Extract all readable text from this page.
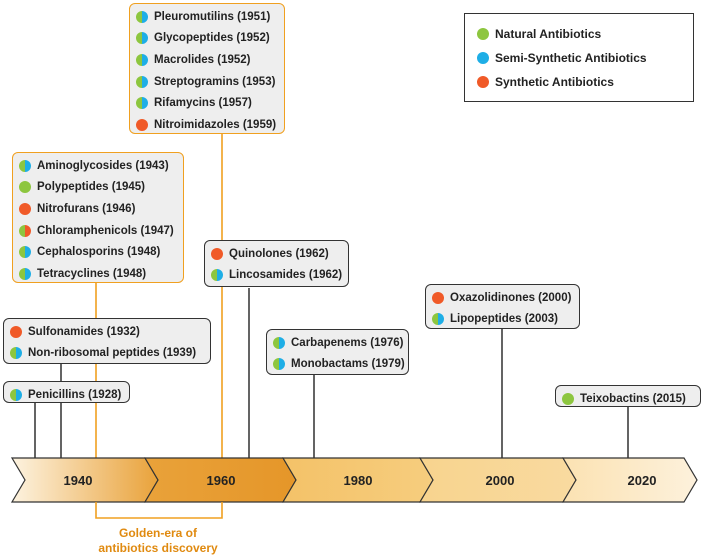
1940	1960	1980	2000	2020
Natural Antibiotics
Semi-Synthetic Antibiotics
Synthetic Antibiotics
Penicillins (1928)
Sulfonamides (1932)
Non-ribosomal peptides (1939)
Aminoglycosides (1943)
Polypeptides (1945)
Nitrofurans (1946)
Chloramphenicols (1947)
Cephalosporins (1948)
Tetracyclines (1948)
Pleuromutilins (1951)
Glycopeptides (1952)
Macrolides (1952)
Streptogramins (1953)
Rifamycins (1957)
Nitroimidazoles (1959)
Quinolones (1962)
Lincosamides (1962)
Carbapenems (1976)
Monobactams (1979)
Oxazolidinones (2000)
Lipopeptides (2003)
Teixobactins (2015)
Golden-era of
antibiotics discovery
